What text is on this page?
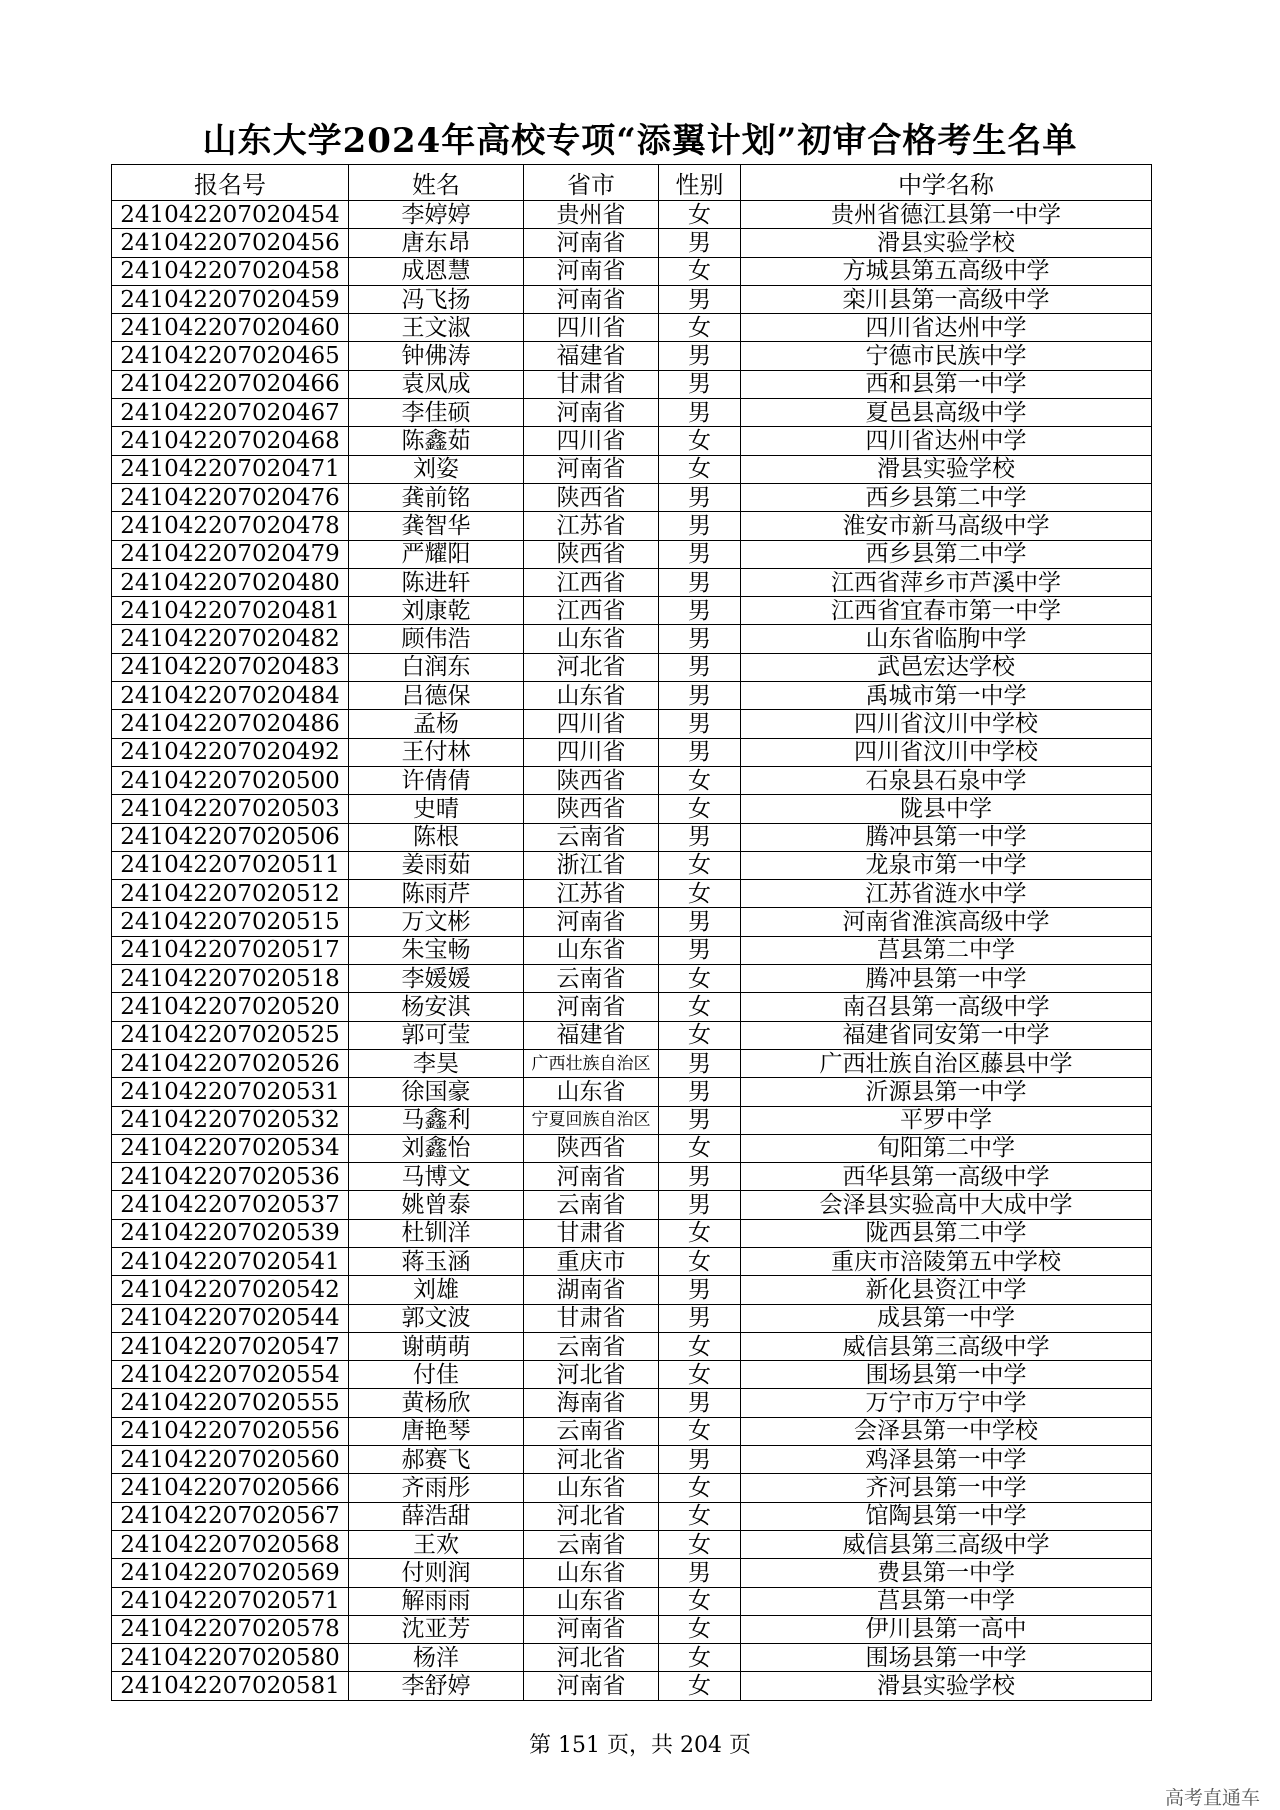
山东大学2024年高校专项“添翼计划”初审合格考生名单
报名号	姓名	省市	性别	中学名称
241042207020454	李婷婷	贵州省	女	贵州省德江县第一中学
241042207020456	唐东昂	河南省	男	滑县实验学校
241042207020458	成恩慧	河南省	女	方城县第五高级中学
241042207020459	冯飞扬	河南省	男	栾川县第一高级中学
241042207020460	王文淑	四川省	女	四川省达州中学
241042207020465	钟佛涛	福建省	男	宁德市民族中学
241042207020466	袁凤成	甘肃省	男	西和县第一中学
241042207020467	李佳硕	河南省	男	夏邑县高级中学
241042207020468	陈鑫茹	四川省	女	四川省达州中学
241042207020471	刘姿	河南省	女	滑县实验学校
241042207020476	龚前铭	陕西省	男	西乡县第二中学
241042207020478	龚智华	江苏省	男	淮安市新马高级中学
241042207020479	严耀阳	陕西省	男	西乡县第二中学
241042207020480	陈进轩	江西省	男	江西省萍乡市芦溪中学
241042207020481	刘康乾	江西省	男	江西省宜春市第一中学
241042207020482	顾伟浩	山东省	男	山东省临朐中学
241042207020483	白润东	河北省	男	武邑宏达学校
241042207020484	吕德保	山东省	男	禹城市第一中学
241042207020486	孟杨	四川省	男	四川省汶川中学校
241042207020492	王付林	四川省	男	四川省汶川中学校
241042207020500	许倩倩	陕西省	女	石泉县石泉中学
241042207020503	史晴	陕西省	女	陇县中学
241042207020506	陈根	云南省	男	腾冲县第一中学
241042207020511	姜雨茹	浙江省	女	龙泉市第一中学
241042207020512	陈雨芹	江苏省	女	江苏省涟水中学
241042207020515	万文彬	河南省	男	河南省淮滨高级中学
241042207020517	朱宝畅	山东省	男	莒县第二中学
241042207020518	李媛媛	云南省	女	腾冲县第一中学
241042207020520	杨安淇	河南省	女	南召县第一高级中学
241042207020525	郭可莹	福建省	女	福建省同安第一中学
241042207020526	李昊	广西壮族自治区	男	广西壮族自治区藤县中学
241042207020531	徐国豪	山东省	男	沂源县第一中学
241042207020532	马鑫利	宁夏回族自治区	男	平罗中学
241042207020534	刘鑫怡	陕西省	女	旬阳第二中学
241042207020536	马博文	河南省	男	西华县第一高级中学
241042207020537	姚曾泰	云南省	男	会泽县实验高中大成中学
241042207020539	杜钏洋	甘肃省	女	陇西县第二中学
241042207020541	蒋玉涵	重庆市	女	重庆市涪陵第五中学校
241042207020542	刘雄	湖南省	男	新化县资江中学
241042207020544	郭文波	甘肃省	男	成县第一中学
241042207020547	谢萌萌	云南省	女	威信县第三高级中学
241042207020554	付佳	河北省	女	围场县第一中学
241042207020555	黄杨欣	海南省	男	万宁市万宁中学
241042207020556	唐艳琴	云南省	女	会泽县第一中学校
241042207020560	郝赛飞	河北省	男	鸡泽县第一中学
241042207020566	齐雨彤	山东省	女	齐河县第一中学
241042207020567	薛浩甜	河北省	女	馆陶县第一中学
241042207020568	王欢	云南省	女	威信县第三高级中学
241042207020569	付则润	山东省	男	费县第一中学
241042207020571	解雨雨	山东省	女	莒县第一中学
241042207020578	沈亚芳	河南省	女	伊川县第一高中
241042207020580	杨洋	河北省	女	围场县第一中学
241042207020581	李舒婷	河南省	女	滑县实验学校
第 151 页，共 204 页
高考直通车
